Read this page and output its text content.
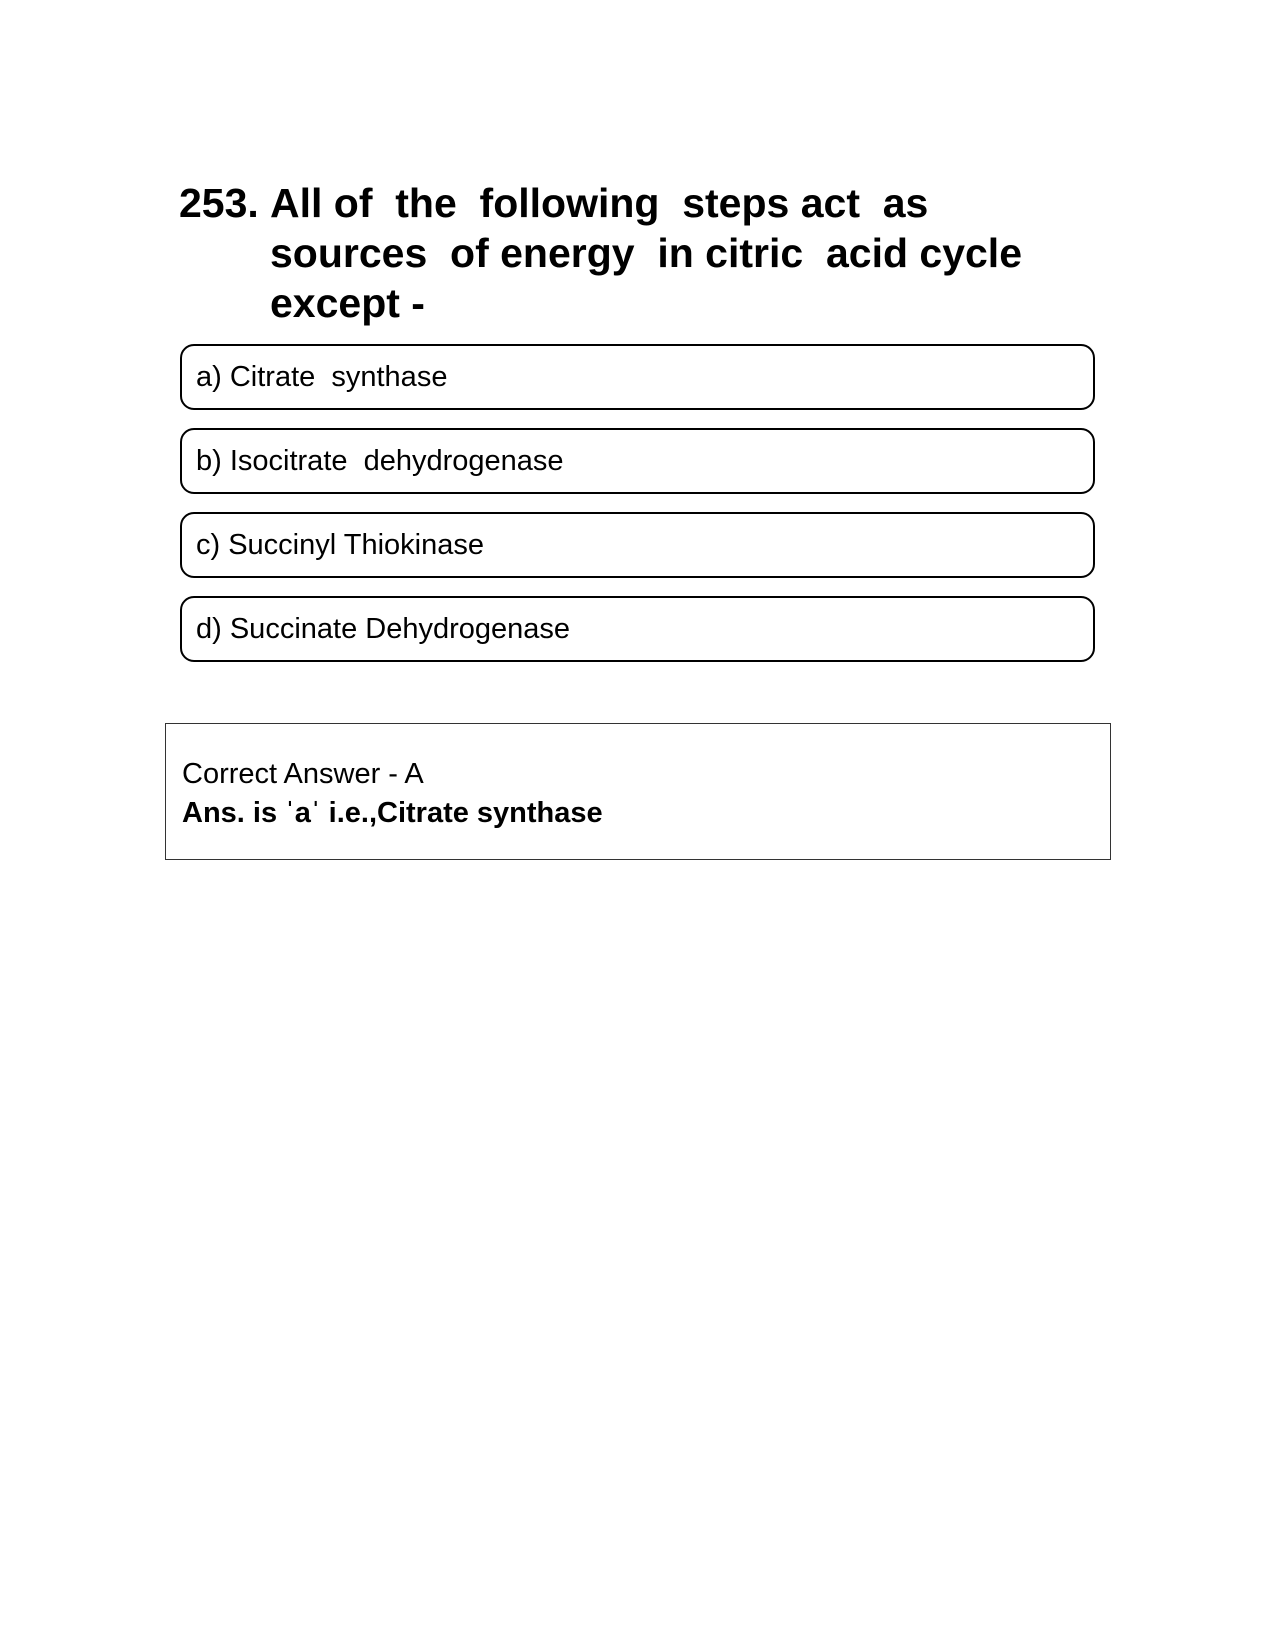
253. All of  the  following  steps act  as sources  of energy  in citric  acid cycle except -
a) Citrate  synthase
b) Isocitrate  dehydrogenase
c) Succinyl Thiokinase
d) Succinate Dehydrogenase
Correct Answer - A
Ans. is ˈaˈ i.e.,Citrate synthase
